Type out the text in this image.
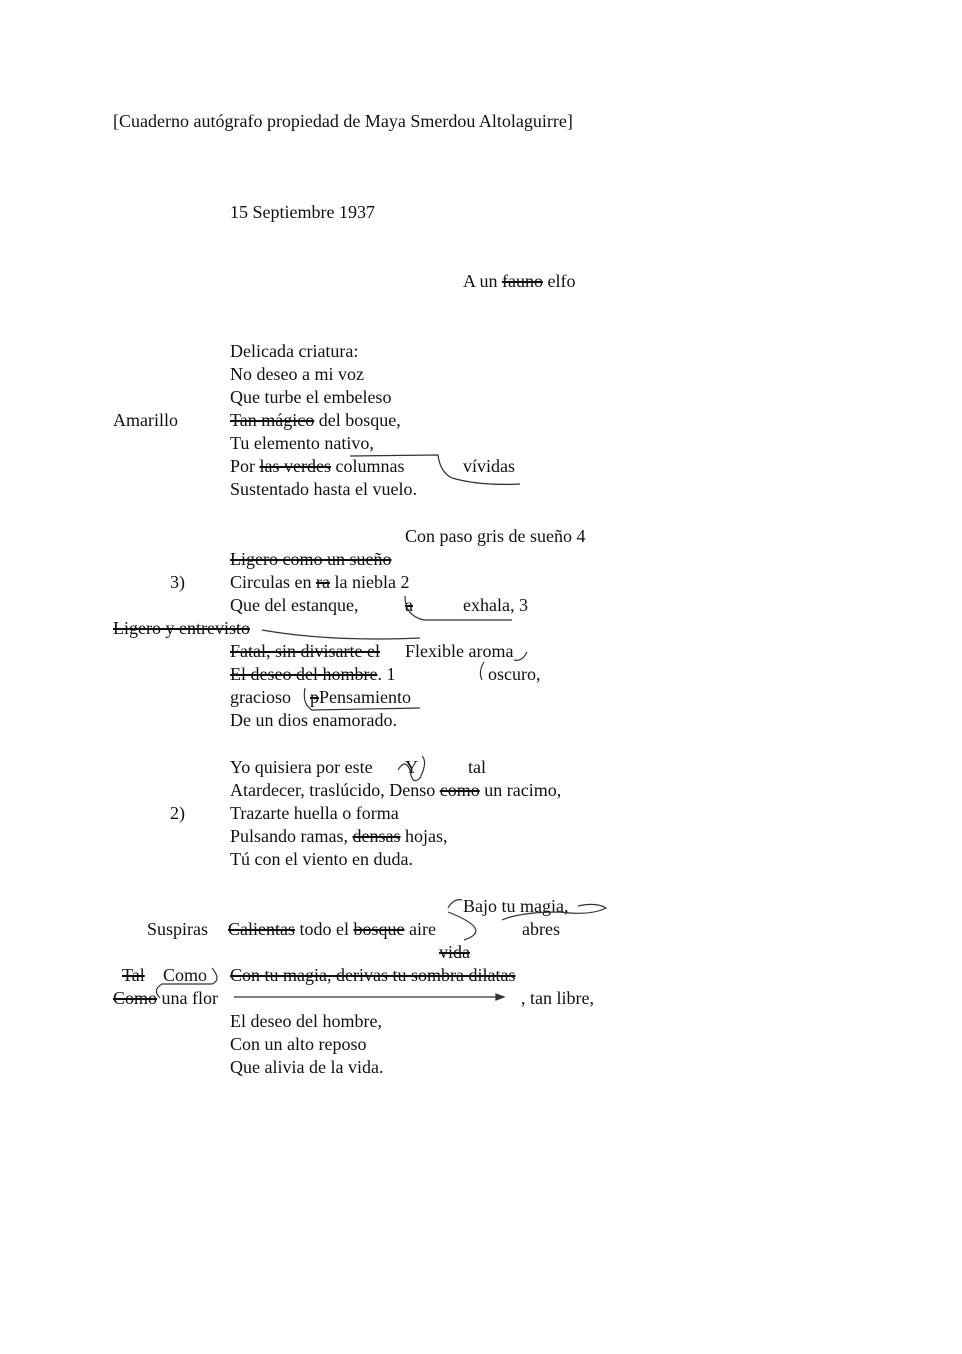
[Cuaderno autógrafo propiedad de Maya Smerdou Altolaguirre]
15 Septiembre 1937
A un fauno elfo
Delicada criatura:
No deseo a mi voz
Que turbe el embeleso
Amarillo	Tan mágico del bosque,
Tu elemento nativo,
Por las verdes columnas	vívidas
Sustentado hasta el vuelo.
Con paso gris de sueño 4
Ligero como un sueño
3)	Circulas en ra la niebla 2
Que del estanque,	a	exhala, 3
Ligero y entrevisto
Fatal, sin divisarte el Flexible aroma
El deseo del hombre. 1	oscuro,
gracioso pPensamiento
De un dios enamorado.
Yo quisiera por este Y	tal
Atardecer, traslúcido, Denso como un racimo,
2)	Trazarte huella o forma
Pulsando ramas, densas hojas,
Tú con el viento en duda.
Bajo tu magia,
Suspiras Calientas todo el bosque aire	abres
vida
Tal Como Con tu magia, derivas tu sombra dilatas
Como una flor	, tan libre,
El deseo del hombre,
Con un alto reposo
Que alivia de la vida.
